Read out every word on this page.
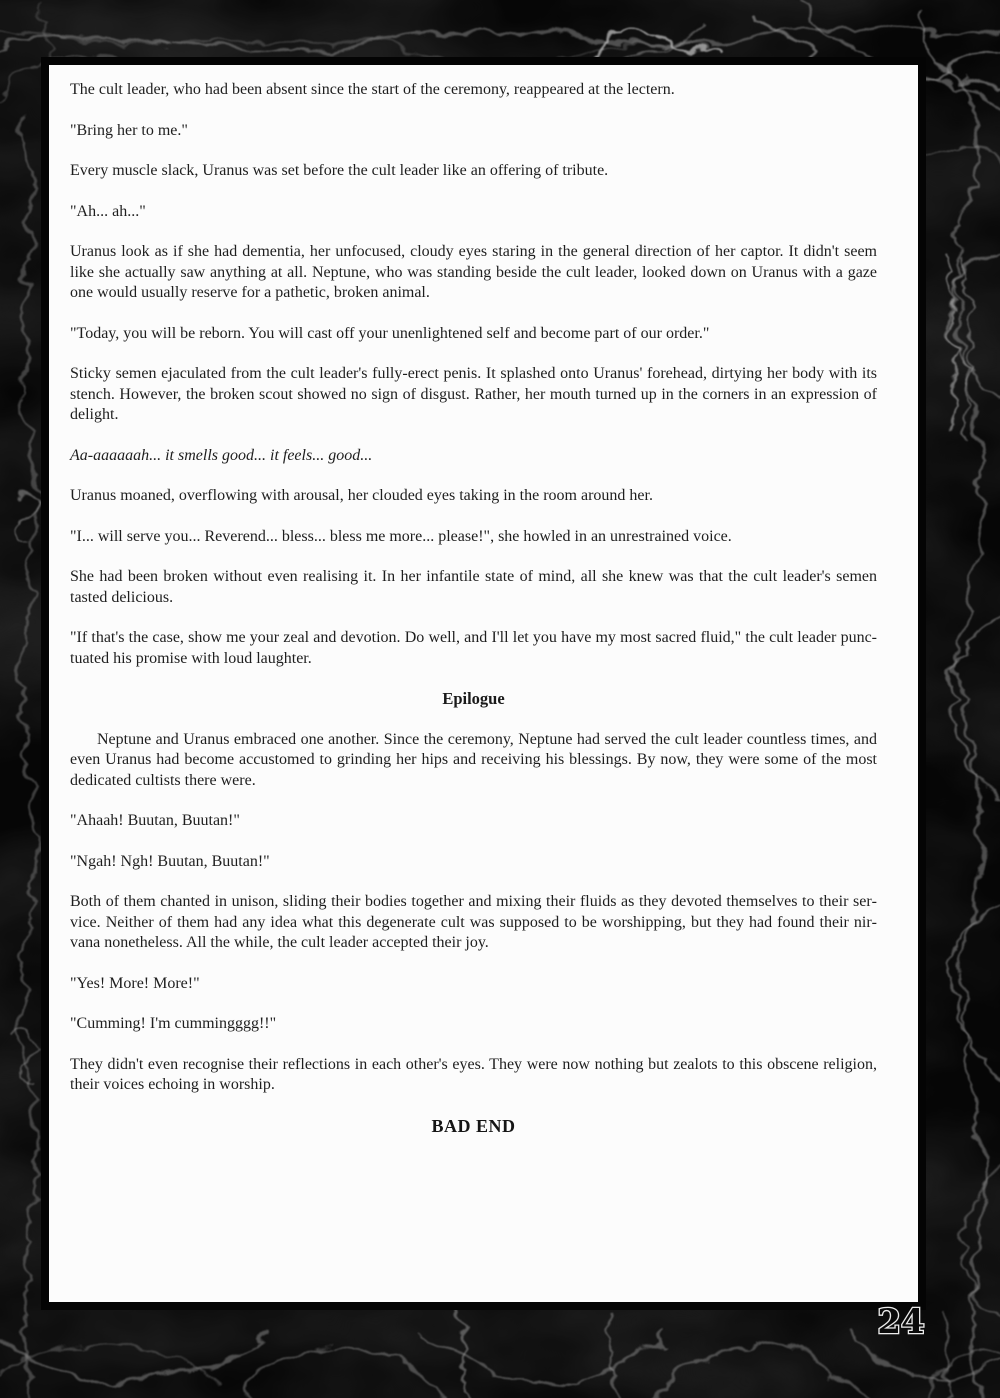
The cult leader, who had been absent since the start of the ceremony, reappeared at the lectern.

"Bring her to me."

Every muscle slack, Uranus was set before the cult leader like an offering of tribute.

"Ah... ah..."

Uranus look as if she had dementia, her unfocused, cloudy eyes staring in the general direction of her captor. It didn't seem like she actually saw anything at all. Neptune, who was standing beside the cult leader, looked down on Uranus with a gaze one would usually reserve for a pathetic, broken animal.

"Today, you will be reborn. You will cast off your unenlightened self and become part of our order."

Sticky semen ejaculated from the cult leader's fully-erect penis. It splashed onto Uranus' forehead, dirtying her body with its stench. However, the broken scout showed no sign of disgust. Rather, her mouth turned up in the corners in an expression of delight.

Aa-aaaaaah... it smells good... it feels... good...

Uranus moaned, overflowing with arousal, her clouded eyes taking in the room around her.

"I... will serve you... Reverend... bless... bless me more... please!", she howled in an unrestrained voice.

She had been broken without even realising it. In her infantile state of mind, all she knew was that the cult leader's semen tasted delicious.

"If that's the case, show me your zeal and devotion. Do well, and I'll let you have my most sacred fluid," the cult leader punctuated his promise with loud laughter.

Epilogue

Neptune and Uranus embraced one another. Since the ceremony, Neptune had served the cult leader countless times, and even Uranus had become accustomed to grinding her hips and receiving his blessings. By now, they were some of the most dedicated cultists there were.

"Ahaah! Buutan, Buutan!"

"Ngah! Ngh! Buutan, Buutan!"

Both of them chanted in unison, sliding their bodies together and mixing their fluids as they devoted themselves to their service. Neither of them had any idea what this degenerate cult was supposed to be worshipping, but they had found their nirvana nonetheless. All the while, the cult leader accepted their joy.

"Yes! More! More!"

"Cumming! I'm cummingggg!!"

They didn't even recognise their reflections in each other's eyes. They were now nothing but zealots to this obscene religion, their voices echoing in worship.

BAD END
24
